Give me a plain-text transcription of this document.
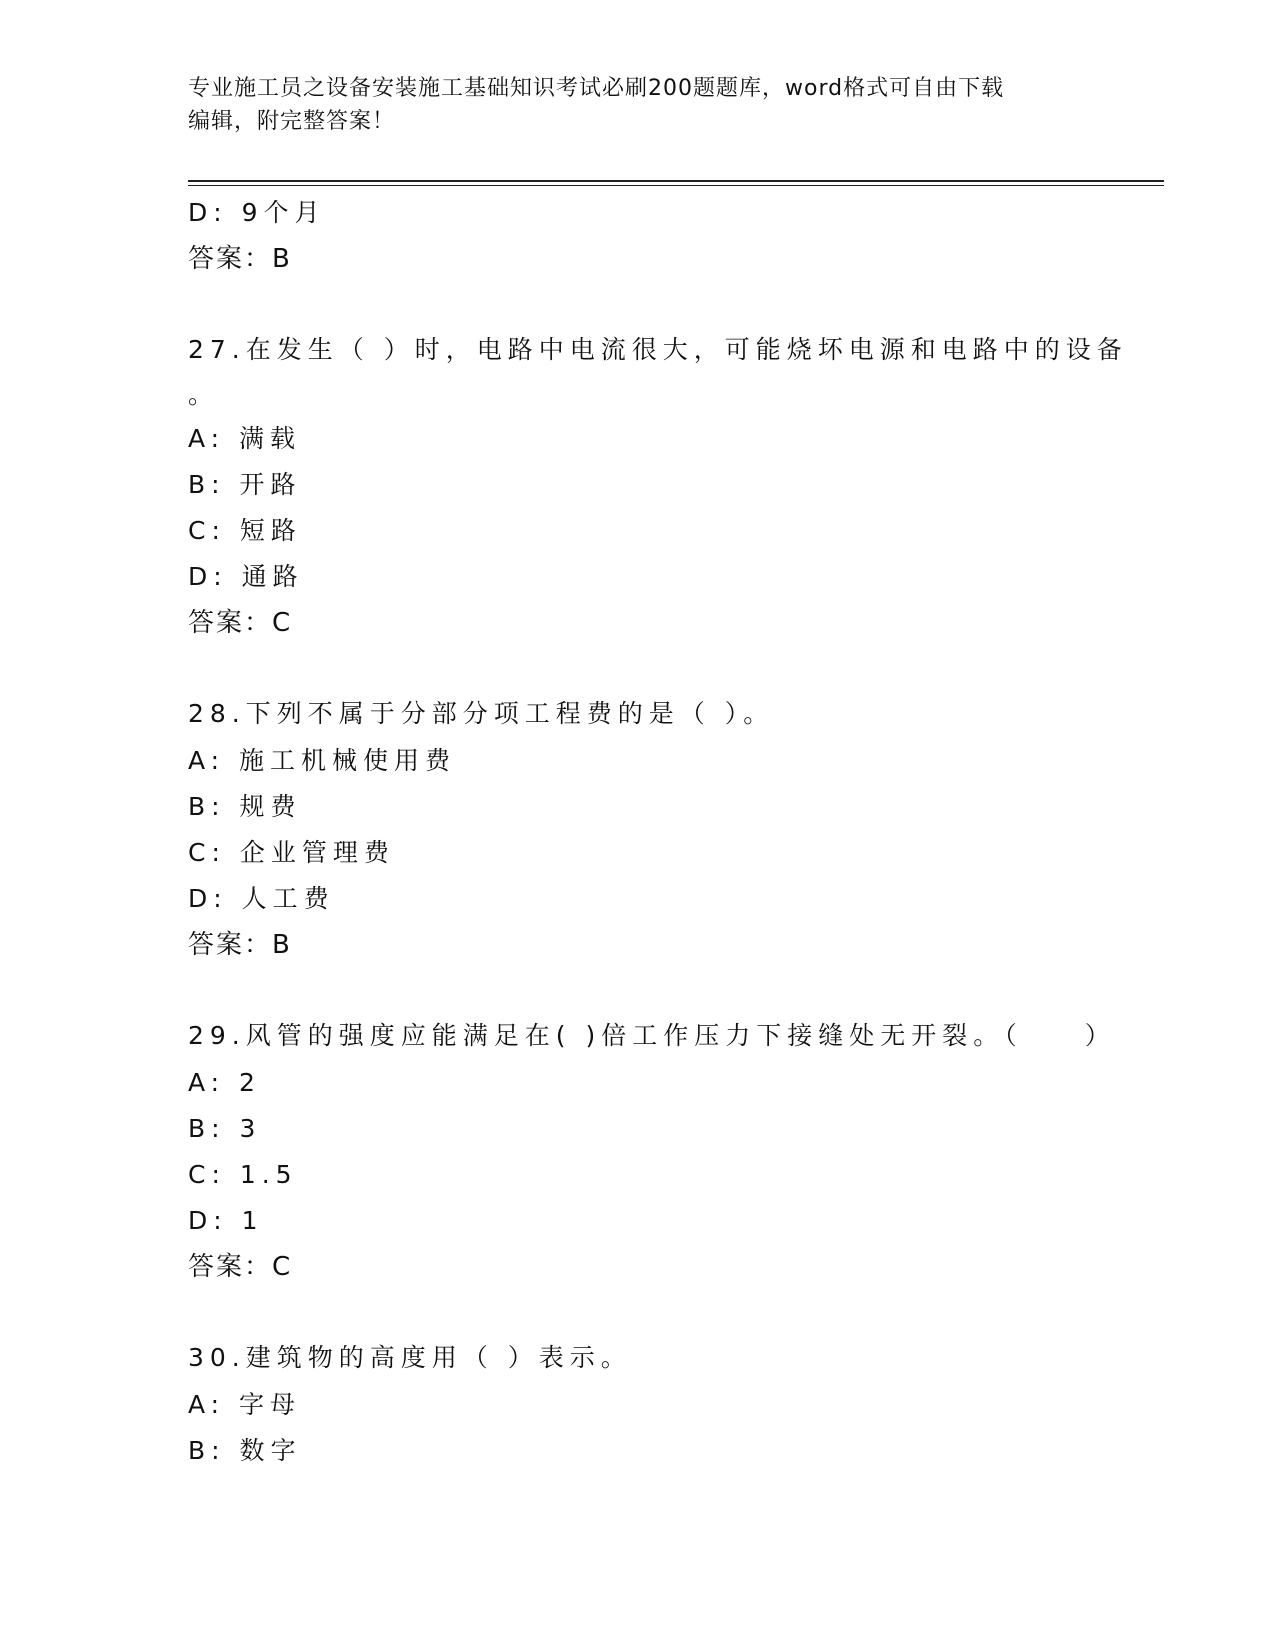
专业施工员之设备安装施工基础知识考试必刷200题题库，word格式可自由下载
编辑，附完整答案！
D: 9个月
答案：B
27.在发生（ ）时，电路中电流很大，可能烧坏电源和电路中的设备
。
A: 满载
B: 开路
C: 短路
D: 通路
答案：C
28.下列不属于分部分项工程费的是（ ）。
A: 施工机械使用费
B: 规费
C: 企业管理费
D: 人工费
答案：B
29.风管的强度应能满足在( )倍工作压力下接缝处无开裂。（　　）
A: 2
B: 3
C: 1.5
D: 1
答案：C
30.建筑物的高度用（ ）表示。
A: 字母
B: 数字
